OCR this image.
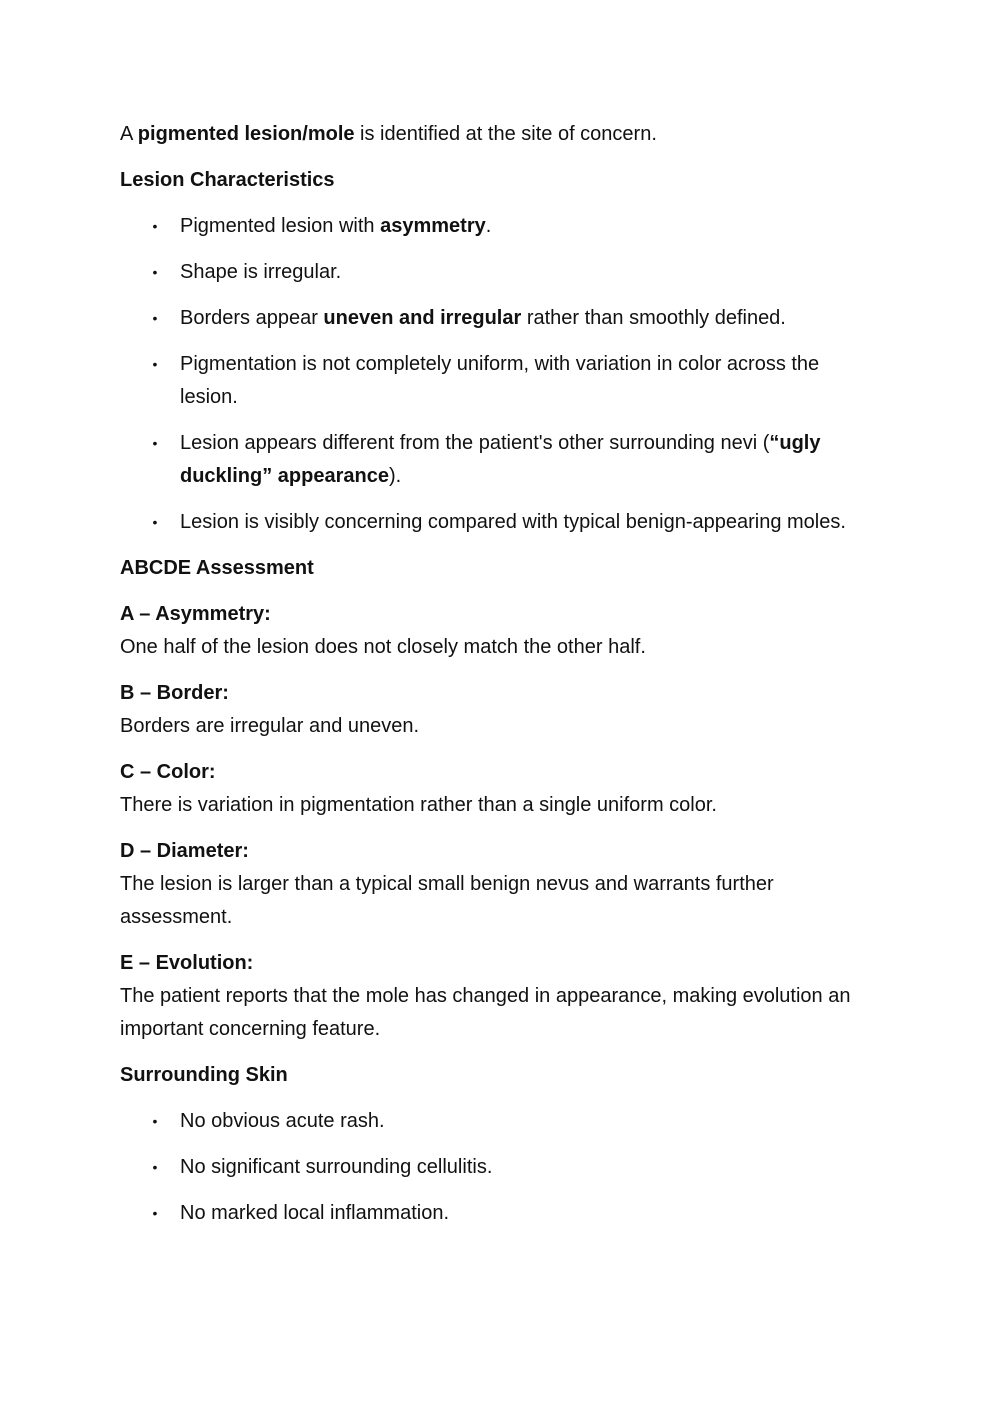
A pigmented lesion/mole is identified at the site of concern.

Lesion Characteristics

• Pigmented lesion with asymmetry.
• Shape is irregular.
• Borders appear uneven and irregular rather than smoothly defined.
• Pigmentation is not completely uniform, with variation in color across the lesion.
• Lesion appears different from the patient's other surrounding nevi (“ugly duckling” appearance).
• Lesion is visibly concerning compared with typical benign-appearing moles.

ABCDE Assessment

A – Asymmetry:

One half of the lesion does not closely match the other half.

B – Border:

Borders are irregular and uneven.

C – Color:

There is variation in pigmentation rather than a single uniform color.

D – Diameter:

The lesion is larger than a typical small benign nevus and warrants further assessment.

E – Evolution:

The patient reports that the mole has changed in appearance, making evolution an important concerning feature.

Surrounding Skin

• No obvious acute rash.
• No significant surrounding cellulitis.
• No marked local inflammation.
